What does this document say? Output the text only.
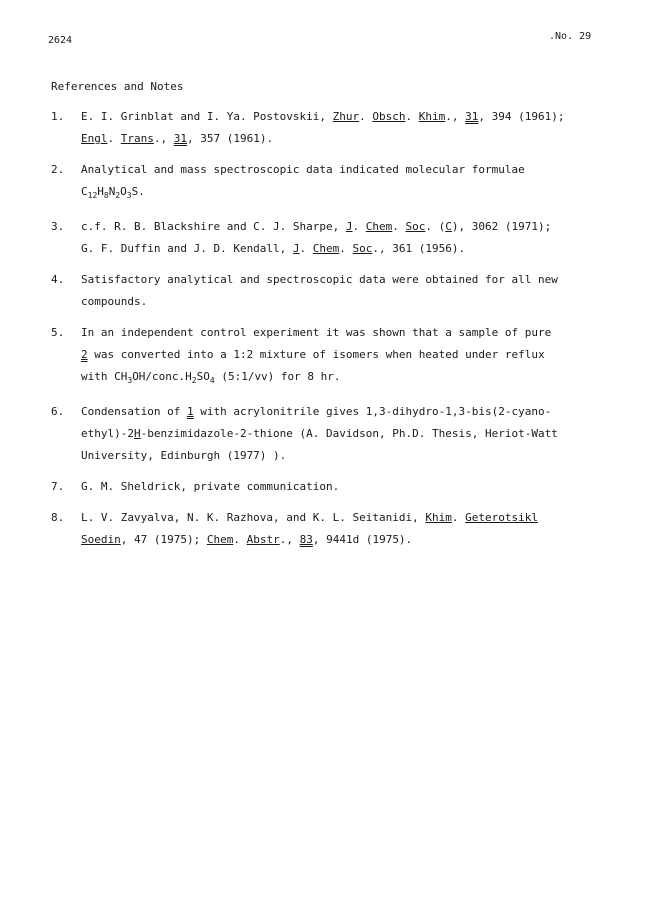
2624	.No. 29
References and Notes
1.	E. I. Grinblat and I. Ya. Postovskii, Zhur. Obsch. Khim., 31, 394 (1961);
Engl. Trans., 31, 357 (1961).
2.	Analytical and mass spectroscopic data indicated molecular formulae
$C_{12}H_8N_2O_3S$.
3.	c.f. R. B. Blackshire and C. J. Sharpe, J. Chem. Soc. (C), 3062 (1971);
G. F. Duffin and J. D. Kendall, J. Chem. Soc., 361 (1956).
4.	Satisfactory analytical and spectroscopic data were obtained for all new
compounds.
5.	In an independent control experiment it was shown that a sample of pure
2 was converted into a 1:2 mixture of isomers when heated under reflux
with $CH_3OH/conc.H_2SO_4$ (5:1/vv) for 8 hr.
6.	Condensation of 1 with acrylonitrile gives 1,3-dihydro-1,3-bis(2-cyano-
ethyl)-2H-benzimidazole-2-thione (A. Davidson, Ph.D. Thesis, Heriot-Watt
University, Edinburgh (1977) ).
7.	G. M. Sheldrick, private communication.
8.	L. V. Zavyalva, N. K. Razhova, and K. L. Seitanidi, Khim. Geterotsikl
Soedin, 47 (1975); Chem. Abstr., 83, 9441d (1975).
